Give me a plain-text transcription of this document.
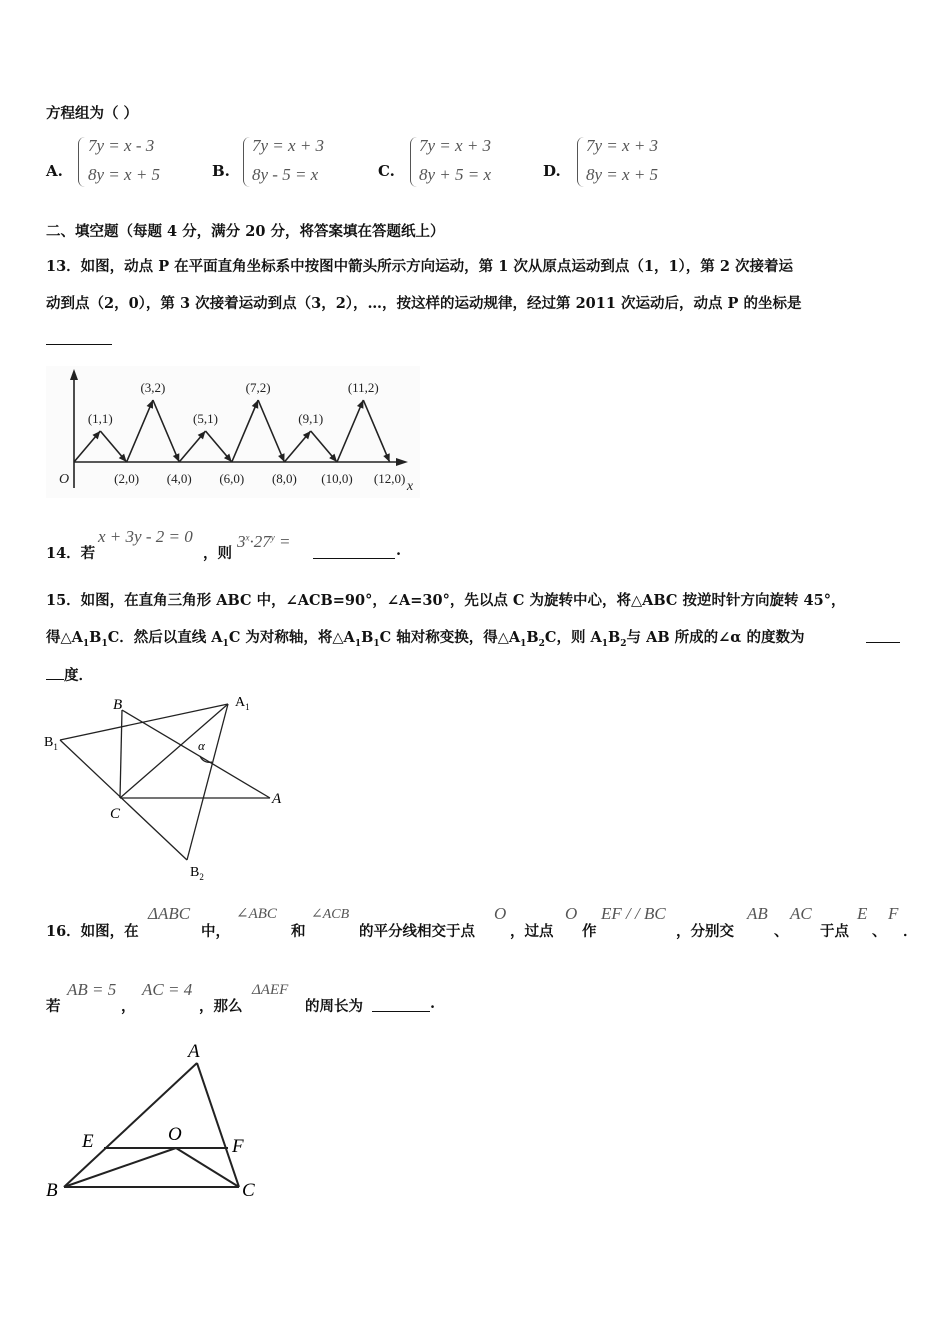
方程组为（ ）
A.
7y = x - 3
8y = x + 5	B.
7y = x + 3
8y - 5 = x	C.
7y = x + 3
8y + 5 = x	D.
7y = x + 3
8y = x + 5
二、填空题（每题 4 分，满分 20 分，将答案填在答题纸上）
13．如图，动点 P 在平面直角坐标系中按图中箭头所示方向运动，第 1 次从原点运动到点（1，1），第 2 次接着运
动到点（2，0），第 3 次接着运动到点（3，2），…，按这样的运动规律，经过第 2011 次运动后，动点 P 的坐标是
(1,1)
(3,2)
(5,1)
(7,2)
(9,1)
(11,2)
(2,0) (4,0) (6,0) (8,0) (10,0) (12,0)
O	x
14．若
x + 3y - 2 = 0
，则
$3^x\cdot 27^y$ =	.
15．如图，在直角三角形 ABC 中，∠ACB=90°，∠A=30°，先以点 C 为旋转中心，将△ABC 按逆时针方向旋转 45°，
得$\triangle A_1B_1C$．然后以直线 $A_1C$ 为对称轴，将$\triangle A_1B_1C$ 轴对称变换，得$\triangle A_1B_2C$，则 $A_1B_2$与 AB 所成的∠α 的度数为
度．
B	$A_1$
$B_1$	α
C
A
$B_2$
16．如图，在
ΔABC
中，
∠ABC
和
∠ACB
的平分线相交于点
O
，过点
O
作
EF / / BC
，分别交
AB
、
AC
于点
E
、
F
．
若
AB = 5
，
AC = 4
，那么
ΔAEF
的周长为	.
A
E	O
F
B	C
